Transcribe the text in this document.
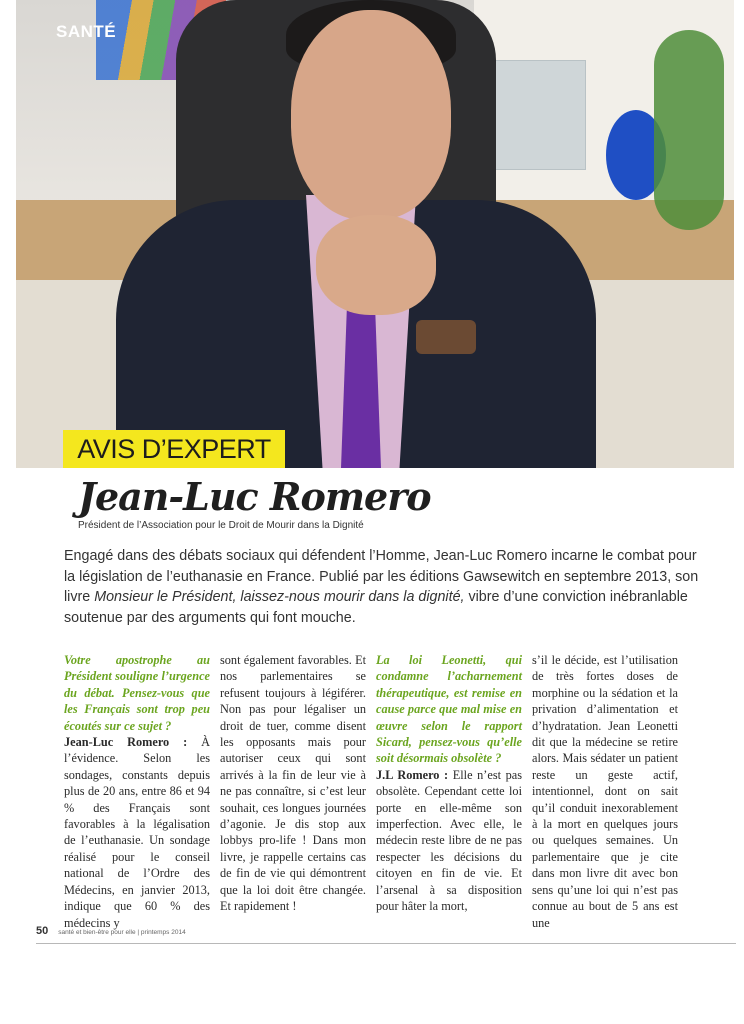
SANTÉ
AVIS D’EXPERT
Jean-Luc Romero
Président de l’Association pour le Droit de Mourir dans la Dignité

Engagé dans des débats sociaux qui défendent l’Homme, Jean-Luc Romero incarne le combat pour la législation de l’euthanasie en France. Publié par les éditions Gawsewitch en septembre 2013, son livre Monsieur le Président, laissez-nous mourir dans la dignité, vibre d’une conviction inébranlable soutenue par des arguments qui font mouche.

Votre apostrophe au Président souligne l’urgence du débat. Pensez-vous que les Français sont trop peu écoutés sur ce sujet ?
Jean-Luc Romero : À l’évidence. Selon les sondages, constants depuis plus de 20 ans, entre 86 et 94 % des Français sont favorables à la légalisation de l’euthanasie. Un sondage réalisé pour le conseil national de l’Ordre des Médecins, en janvier 2013, indique que 60 % des médecins y
sont également favorables. Et nos parlementaires se refusent toujours à légiférer. Non pas pour légaliser un droit de tuer, comme disent les opposants mais pour autoriser ceux qui sont arrivés à la fin de leur vie à ne pas connaître, si c’est leur souhait, ces longues journées d’agonie. Je dis stop aux lobbys pro-life ! Dans mon livre, je rappelle certains cas de fin de vie qui démontrent que la loi doit être changée. Et rapidement !
La loi Leonetti, qui condamne l’acharnement thérapeutique, est remise en cause parce que mal mise en œuvre selon le rapport Sicard, pensez-vous qu’elle soit désormais obsolète ?
J.L Romero : Elle n’est pas obsolète. Cependant cette loi porte en elle-même son imperfection. Avec elle, le médecin reste libre de ne pas respecter les décisions du citoyen en fin de vie. Et l’arsenal à sa disposition pour hâter la mort,
s’il le décide, est l’utilisation de très fortes doses de morphine ou la sédation et la privation d’alimentation et d’hydratation. Jean Leonetti dit que la médecine se retire alors. Mais sédater un patient reste un geste actif, intentionnel, dont on sait qu’il conduit inexorablement à la mort en quelques jours ou quelques semaines. Un parlementaire que je cite dans mon livre dit avec bon sens qu’une loi qui n’est pas connue au bout de 5 ans est une
50 santé et bien-être pour elle | printemps 2014
